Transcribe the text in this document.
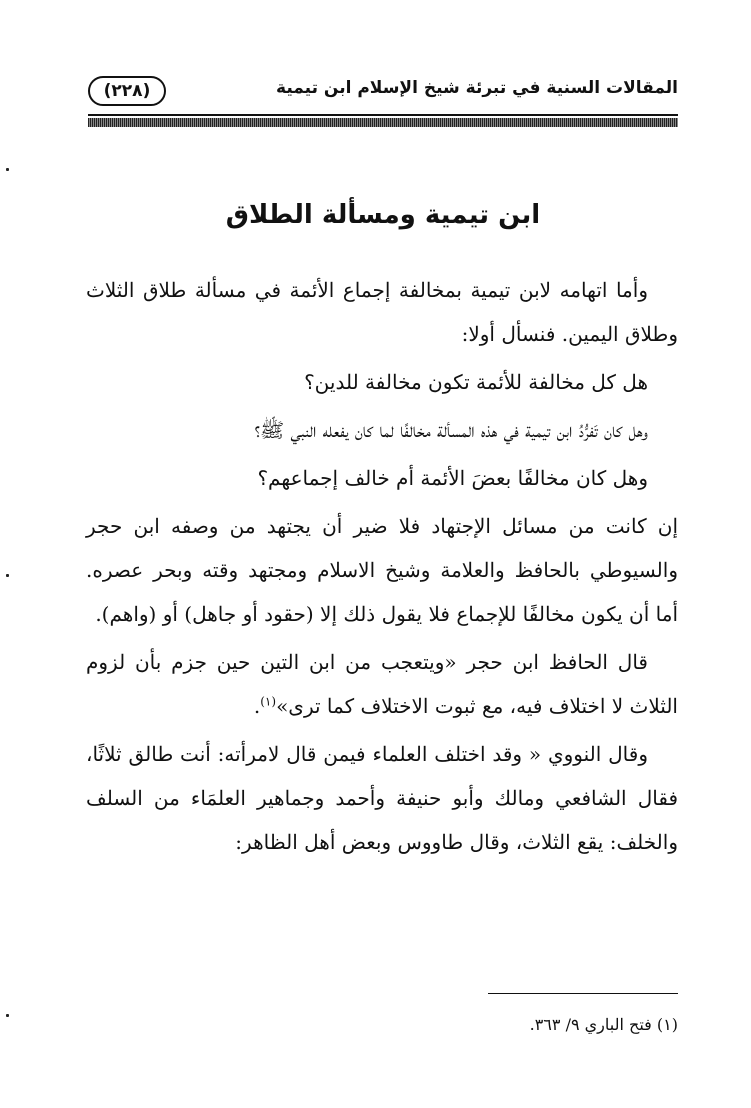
المقالات السنية في تبرئة شيخ الإسلام ابن تيمية
(٢٢٨)
ابن تيمية ومسألة الطلاق

وأما اتهامه لابن تيمية بمخالفة إجماع الأئمة في مسألة طلاق الثلاث وطلاق اليمين. فنسأل أولا:

هل كل مخالفة للأئمة تكون مخالفة للدين؟

وهل كان تَفرُّدُ ابن تيمية في هذه المسألة مخالفًا لما كان يفعله النبي ﷺ؟

وهل كان مخالفًا بعضَ الأئمة أم خالف إجماعهم؟

إن كانت من مسائل الإجتهاد فلا ضير أن يجتهد من وصفه ابن حجر والسيوطي بالحافظ والعلامة وشيخ الاسلام ومجتهد وقته وبحر عصره. أما أن يكون مخالفًا للإجماع فلا يقول ذلك إلا (حقود أو جاهل) أو (واهم).

قال الحافظ ابن حجر «ويتعجب من ابن التين حين جزم بأن لزوم الثلاث لا اختلاف فيه، مع ثبوت الاختلاف كما ترى»$^{(١)}$.

وقال النووي « وقد اختلف العلماء فيمن قال لامرأته: أنت طالق ثلاثًا، فقال الشافعي ومالك وأبو حنيفة وأحمد وجماهير العلمَاء من السلف والخلف: يقع الثلاث، وقال طاووس وبعض أهل الظاهر:

(١) فتح الباري ٩/ ٣٦٣.
